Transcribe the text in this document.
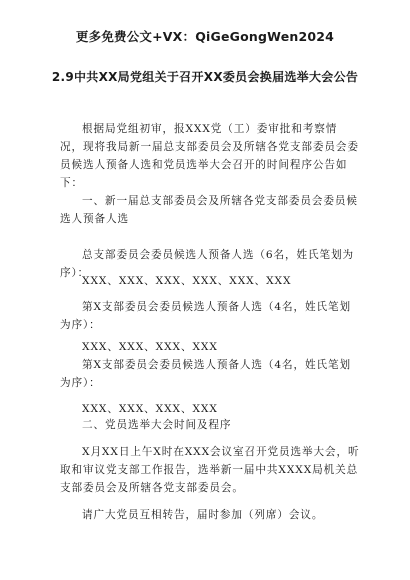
更多免费公文+VX：QiGeGongWen2024
2.9中共XX局党组关于召开XX委员会换届选举大会公告

根据局党组初审，报XXX党（工）委审批和考察情况，现将我局新一届总支部委员会及所辖各党支部委员会委员候选人预备人选和党员选举大会召开的时间程序公告如下：

一、新一届总支部委员会及所辖各党支部委员会委员候选人预备人选

总支部委员会委员候选人预备人选（6名，姓氏笔划为序）：

XXX、XXX、XXX、XXX、XXX、XXX

第X支部委员会委员候选人预备人选（4名，姓氏笔划为序）：

XXX、XXX、XXX、XXX

第X支部委员会委员候选人预备人选（4名，姓氏笔划为序）：

XXX、XXX、XXX、XXX

二、党员选举大会时间及程序

X月XX日上午X时在XXX会议室召开党员选举大会，听取和审议党支部工作报告，选举新一届中共XXXX局机关总支部委员会及所辖各党支部委员会。

请广大党员互相转告，届时参加（列席）会议。
